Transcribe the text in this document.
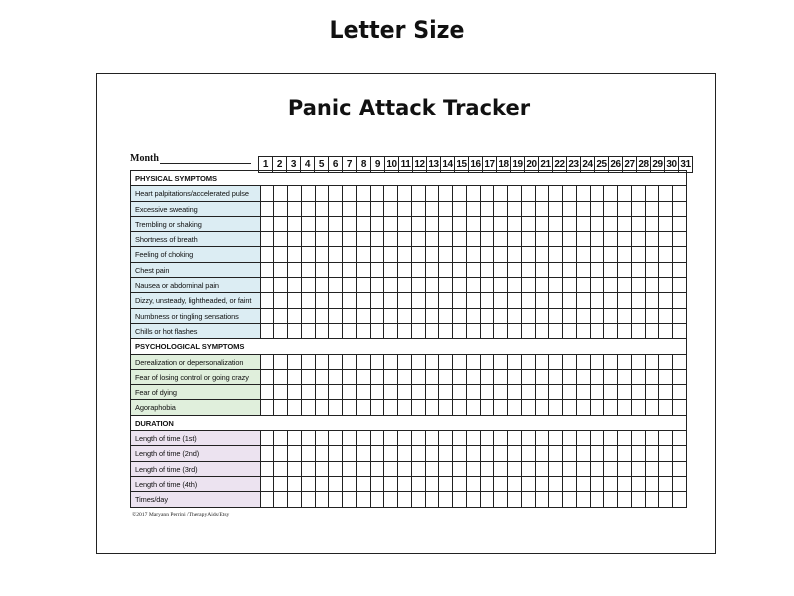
Letter Size
Panic Attack Tracker
Month
1 2 3 4 5 6 7 8 9 10 11 12 13 14 15 16 17 18 19 20 21 22 23 24 25 26 27 28 29 30 31
PHYSICAL SYMPTOMS
Heart palpitations/accelerated pulse
Excessive sweating
Trembling or shaking
Shortness of breath
Feeling of choking
Chest pain
Nausea or abdominal pain
Dizzy, unsteady, lightheaded, or faint
Numbness or tingling sensations
Chills or hot flashes
PSYCHOLOGICAL SYMPTOMS
Derealization or depersonalization
Fear of losing control or going crazy
Fear of dying
Agoraphobia
DURATION
Length of time (1st)
Length of time (2nd)
Length of time (3rd)
Length of time (4th)
Times/day
©2017 Maryann Perrini /TherapyAids/Etsy
